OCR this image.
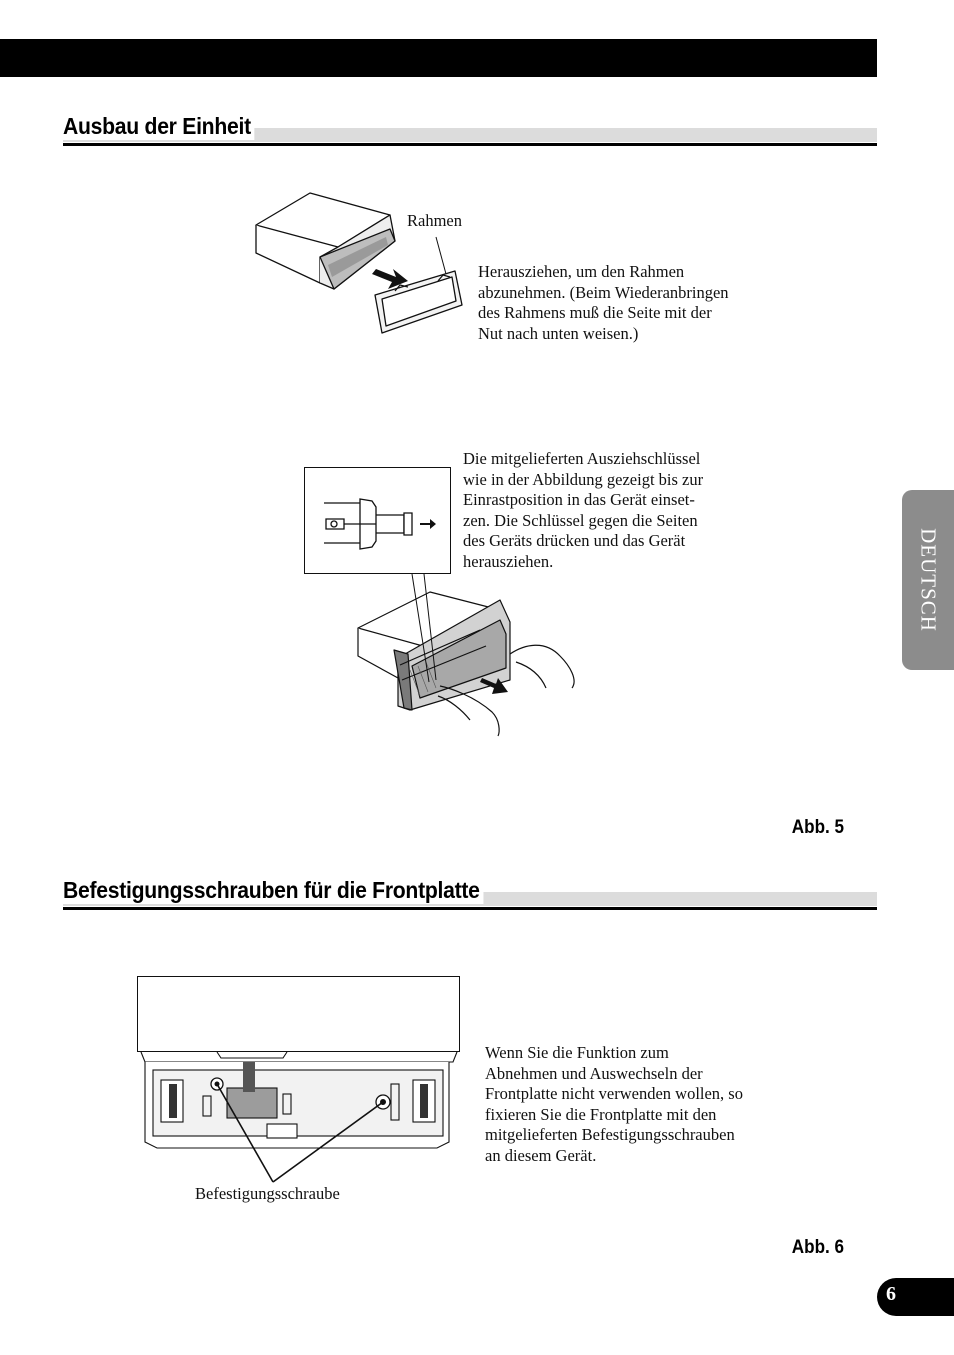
Ausbau der Einheit
Rahmen
Herausziehen, um den Rahmen
abzunehmen. (Beim Wiederanbringen
des Rahmens muß die Seite mit der
Nut nach unten weisen.)
Die mitgelieferten Ausziehschlüssel
wie in der Abbildung gezeigt bis zur
Einrastposition in das Gerät einset-
zen. Die Schlüssel gegen die Seiten
des Geräts drücken und das Gerät
herausziehen.
Abb. 5
Befestigungsschrauben für die Frontplatte
Befestigungsschraube
Wenn Sie die Funktion zum
Abnehmen und Auswechseln der
Frontplatte nicht verwenden wollen, so
fixieren Sie die Frontplatte mit den
mitgelieferten Befestigungsschrauben
an diesem Gerät.
Abb. 6
DEUTSCH
6
